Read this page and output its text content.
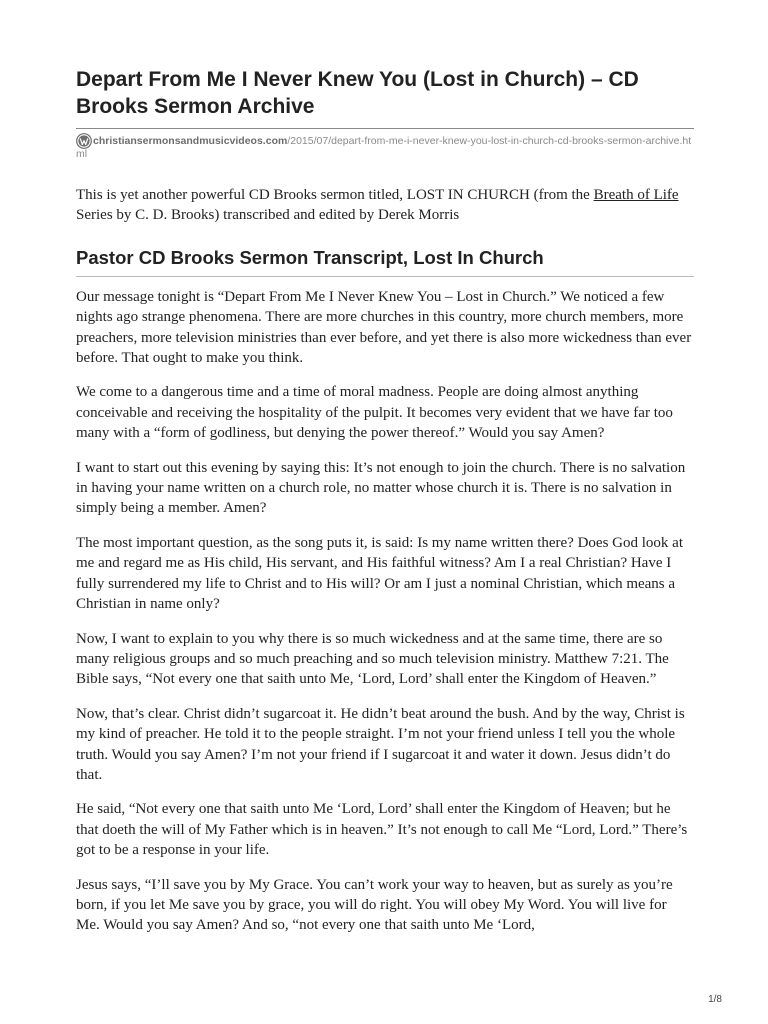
Depart From Me I Never Knew You (Lost in Church) – CD Brooks Sermon Archive
christiansermonsandmusicvideos.com/2015/07/depart-from-me-i-never-knew-you-lost-in-church-cd-brooks-sermon-archive.html

This is yet another powerful CD Brooks sermon titled, LOST IN CHURCH (from the Breath of Life Series by C. D. Brooks) transcribed and edited by Derek Morris

Pastor CD Brooks Sermon Transcript, Lost In Church

Our message tonight is “Depart From Me I Never Knew You – Lost in Church.” We noticed a few nights ago strange phenomena. There are more churches in this country, more church members, more preachers, more television ministries than ever before, and yet there is also more wickedness than ever before. That ought to make you think.

We come to a dangerous time and a time of moral madness. People are doing almost anything conceivable and receiving the hospitality of the pulpit. It becomes very evident that we have far too many with a “form of godliness, but denying the power thereof.” Would you say Amen?

I want to start out this evening by saying this: It’s not enough to join the church. There is no salvation in having your name written on a church role, no matter whose church it is. There is no salvation in simply being a member. Amen?

The most important question, as the song puts it, is said: Is my name written there? Does God look at me and regard me as His child, His servant, and His faithful witness? Am I a real Christian? Have I fully surrendered my life to Christ and to His will? Or am I just a nominal Christian, which means a Christian in name only?

Now, I want to explain to you why there is so much wickedness and at the same time, there are so many religious groups and so much preaching and so much television ministry. Matthew 7:21. The Bible says, “Not every one that saith unto Me, ‘Lord, Lord’ shall enter the Kingdom of Heaven.”

Now, that’s clear. Christ didn’t sugarcoat it. He didn’t beat around the bush. And by the way, Christ is my kind of preacher. He told it to the people straight. I’m not your friend unless I tell you the whole truth. Would you say Amen? I’m not your friend if I sugarcoat it and water it down. Jesus didn’t do that.

He said, “Not every one that saith unto Me ‘Lord, Lord’ shall enter the Kingdom of Heaven; but he that doeth the will of My Father which is in heaven.” It’s not enough to call Me “Lord, Lord.” There’s got to be a response in your life.

Jesus says, “I’ll save you by My Grace. You can’t work your way to heaven, but as surely as you’re born, if you let Me save you by grace, you will do right. You will obey My Word. You will live for Me. Would you say Amen? And so, “not every one that saith unto Me ‘Lord,

1/8
